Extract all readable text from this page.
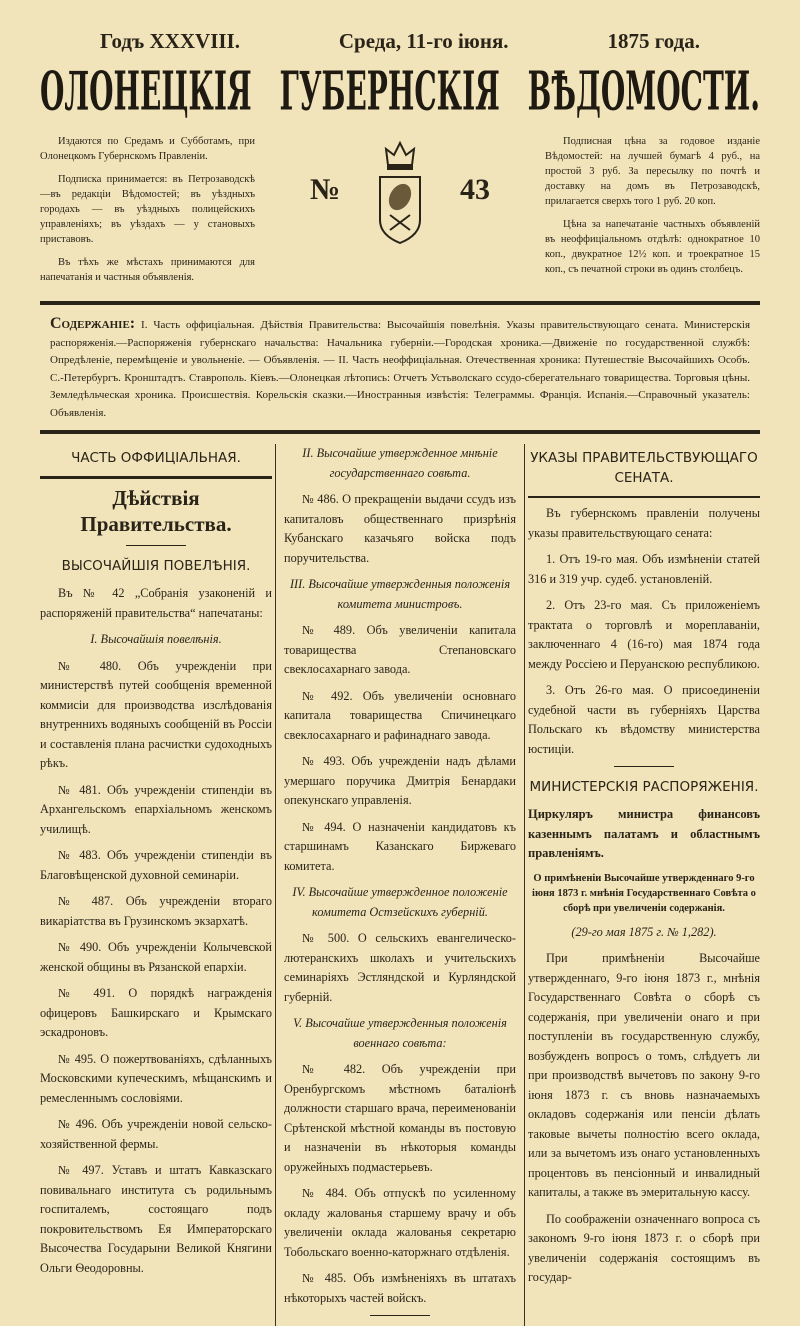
Годъ XXXVIII.	Среда, 11-го іюня.	1875 года.
ОЛОНЕЦКІЯ ГУБЕРНСКІЯ ВѢДОМОСТИ.

Издаются по Средамъ и Субботамъ, при Олонецкомъ Губернскомъ Правленіи.

Подписка принимается: въ Петрозаводскѣ—въ редакціи Вѣдомостей; въ уѣздныхъ городахъ — въ уѣздныхъ полицейскихъ управленіяхъ; въ уѣздахъ — у становыхъ приставовъ.

Въ тѣхъ же мѣстахъ принимаются для напечатанія и частныя объявленія.

№	43

Подписная цѣна за годовое изданіе Вѣдомостей: на лучшей бумагѣ 4 руб., на простой 3 руб. За пересылку по почтѣ и доставку на домъ въ Петрозаводскѣ, прилагается сверхъ того 1 руб. 20 коп.

Цѣна за напечатаніе частныхъ объявленій въ неоффиціальномъ отдѣлѣ: однократное 10 коп., двукратное 12½ коп. и троекратное 15 коп., съ печатной строки въ одинъ столбецъ.

Содержаніе: I. Часть оффиціальная. Дѣйствія Правительства: Высочайшія повелѣнія. Указы правительствующаго сената. Министерскія распоряженія.—Распоряженія губернскаго начальства: Начальника губерніи.—Городская хроника.—Движеніе по государственной службѣ: Опредѣленіе, перемѣщеніе и увольненіе. — Объявленія. — II. Часть неоффиціальная. Отечественная хроника: Путешествіе Высочайшихъ Особъ. С.-Петербургъ. Кронштадтъ. Ставрополь. Кіевъ.—Олонецкая лѣтопись: Отчетъ Устьволскаго ссудо-сберегательнаго товарищества. Торговыя цѣны. Земледѣльческая хроника. Происшествія. Корельскія сказки.—Иностранныя извѣстія: Телеграммы. Франція. Испанія.—Справочный указатель: Объявленія.
ЧАСТЬ ОФФИЦІАЛЬНАЯ.
Дѣйствія Правительства.
ВЫСОЧАЙШІЯ ПОВЕЛѢНІЯ.

Въ № 42 „Собранія узаконеній и распоряженій правительства“ напечатаны:

I. Высочайшія повелѣнія.

№ 480. Объ учрежденіи при министерствѣ путей сообщенія временной коммисіи для производства изслѣдованія внутреннихъ водяныхъ сообщеній въ Россіи и составленія плана расчистки судоходныхъ рѣкъ.

№ 481. Объ учрежденіи стипендіи въ Архангельскомъ епархіальномъ женскомъ училищѣ.

№ 483. Объ учрежденіи стипендіи въ Благовѣщенской духовной семинаріи.

№ 487. Объ учрежденіи втораго викаріатства въ Грузинскомъ экзархатѣ.

№ 490. Объ учрежденіи Колычевской женской общины въ Рязанской епархіи.

№ 491. О порядкѣ награжденія офицеровъ Башкирскаго и Крымскаго эскадроновъ.

№ 495. О пожертвованіяхъ, сдѣланныхъ Московскими купеческимъ, мѣщанскимъ и ремесленнымъ сословіями.

№ 496. Объ учрежденіи новой сельско-хозяйственной фермы.

№ 497. Уставъ и штатъ Кавказскаго повивальнаго института съ родильнымъ госпиталемъ, состоящаго подъ покровительствомъ Ея Императорскаго Высочества Государыни Великой Княгини Ольги Ѳеодоровны.

II. Высочайше утвержденное мнѣніе государственнаго совѣта.

№ 486. О прекращеніи выдачи ссудъ изъ капиталовъ общественнаго призрѣнія Кубанскаго казачьяго войска подъ поручительства.

III. Высочайше утвержденныя положенія комитета министровъ.

№ 489. Объ увеличеніи капитала товарищества Степановскаго свеклосахарнаго завода.

№ 492. Объ увеличеніи основнаго капитала товарищества Спичинецкаго свеклосахарнаго и рафинаднаго завода.

№ 493. Объ учрежденіи надъ дѣлами умершаго поручика Дмитрія Бенардаки опекунскаго управленія.

№ 494. О назначеніи кандидатовъ къ старшинамъ Казанскаго Биржеваго комитета.

IV. Высочайше утвержденное положеніе комитета Остзейскихъ губерній.

№ 500. О сельскихъ евангелическо-лютеранскихъ школахъ и учительскихъ семинаріяхъ Эстляндской и Курляндской губерній.

V. Высочайше утвержденныя положенія военнаго совѣта:

№ 482. Объ учрежденіи при Оренбургскомъ мѣстномъ баталіонѣ должности старшаго врача, переименованіи Срѣтенской мѣстной команды въ постовую и назначеніи въ нѣкоторыя команды оружейныхъ подмастерьевъ.

№ 484. Объ отпускѣ по усиленному окладу жалованья старшему врачу и объ увеличеніи оклада жалованья секретарю Тобольскаго военно-каторжнаго отдѣленія.

№ 485. Объ измѣненіяхъ въ штатахъ нѣкоторыхъ частей войскъ.

УКАЗЫ ПРАВИТЕЛЬСТВУЮЩАГО СЕНАТА.

Въ губернскомъ правленіи получены указы правительствующаго сената:

1. Отъ 19-го мая. Объ измѣненіи статей 316 и 319 учр. судеб. установленій.

2. Отъ 23-го мая. Съ приложеніемъ трактата о торговлѣ и мореплаваніи, заключеннаго 4 (16-го) мая 1874 года между Россіею и Перуанскою республикою.

3. Отъ 26-го мая. О присоединеніи судебной части въ губерніяхъ Царства Польскаго къ вѣдомству министерства юстиціи.

МИНИСТЕРСКІЯ РАСПОРЯЖЕНІЯ.

Циркуляръ министра финансовъ казеннымъ палатамъ и областнымъ правленіямъ.

О примѣненіи Высочайше утвержденнаго 9-го іюня 1873 г. мнѣнія Государственнаго Совѣта о сборѣ при увеличеніи содержанія.

(29-го мая 1875 г. № 1,282).

При примѣненіи Высочайше утвержденнаго, 9-го іюня 1873 г., мнѣнія Государственнаго Совѣта о сборѣ съ содержанія, при увеличеніи онаго и при поступленіи въ государственную службу, возбужденъ вопросъ о томъ, слѣдуетъ ли при производствѣ вычетовъ по закону 9-го іюня 1873 г. съ вновь назначаемыхъ окладовъ содержанія или пенсіи дѣлать таковые вычеты полностію всего оклада, или за вычетомъ изъ онаго установленныхъ процентовъ въ пенсіонный и инвалидный капиталы, а также въ эмеритальную кассу.

По соображеніи означеннаго вопроса съ закономъ 9-го іюня 1873 г. о сборѣ при увеличеніи содержанія состоящимъ въ государ-
